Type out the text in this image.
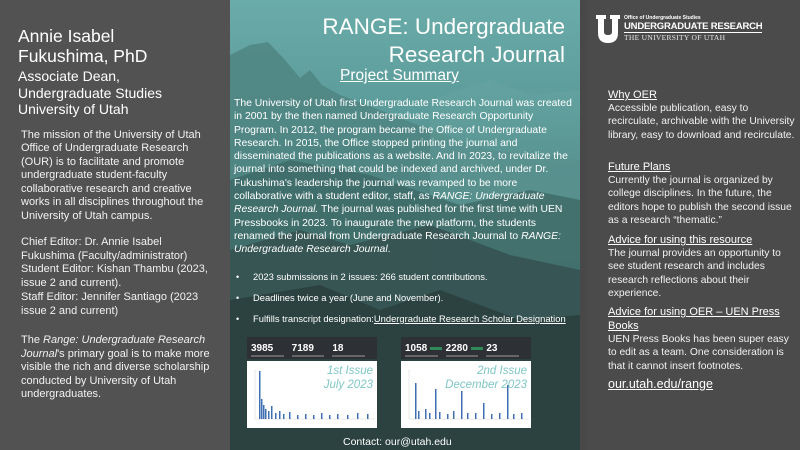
Annie Isabel
Fukushima, PhD
Associate Dean,
Undergraduate Studies
University of Utah

The mission of the University of Utah Office of Undergraduate Research (OUR) is to facilitate and promote undergraduate student-faculty collaborative research and creative works in all disciplines throughout the University of Utah campus.

Chief Editor: Dr. Annie Isabel Fukushima (Faculty/administrator) Student Editor: Kishan Thambu (2023, issue 2 and current).

Staff Editor: Jennifer Santiago (2023 issue 2 and current)

The Range: Undergraduate Research Journal's primary goal is to make more visible the rich and diverse scholarship conducted by University of Utah undergraduates.

RANGE: Undergraduate
Research Journal
Project Summary

The University of Utah first Undergraduate Research Journal was created in 2001 by the then named Undergraduate Research Opportunity Program. In 2012, the program became the Office of Undergraduate Research. In 2015, the Office stopped printing the journal and disseminated the publications as a website. And In 2023, to revitalize the journal into something that could be indexed and archived, under Dr. Fukushima's leadership the journal was revamped to be more collaborative with a student editor, staff, as RANGE: Undergraduate Research Journal. The journal was published for the first time with UEN Pressbooks in 2023. To inaugurate the new platform, the students renamed the journal from Undergraduate Research Journal to RANGE: Undergraduate Research Journal.

•	2023 submissions in 2 issues: 266 student contributions.
•	Deadlines twice a year (June and November).
•	Fulfills transcript designation: Undergraduate Research Scholar Designation
3985	7189	18
1st Issue
July 2023
1058 2280 23
2nd Issue
December 2023
Contact: our@utah.edu
Office of Undergraduate Studies
UNDERGRADUATE RESEARCH
THE UNIVERSITY OF UTAH
Why OER
Accessible publication, easy to recirculate, archivable with the University library, easy to download and recirculate.
Future Plans
Currently the journal is organized by college disciplines. In the future, the editors hope to publish the second issue as a research “thematic.”
Advice for using this resource
The journal provides an opportunity to see student research and includes research reflections about their experience.
Advice for using OER – UEN Press Books
UEN Press Books has been super easy to edit as a team. One consideration is that it cannot insert footnotes.
our.utah.edu/range
